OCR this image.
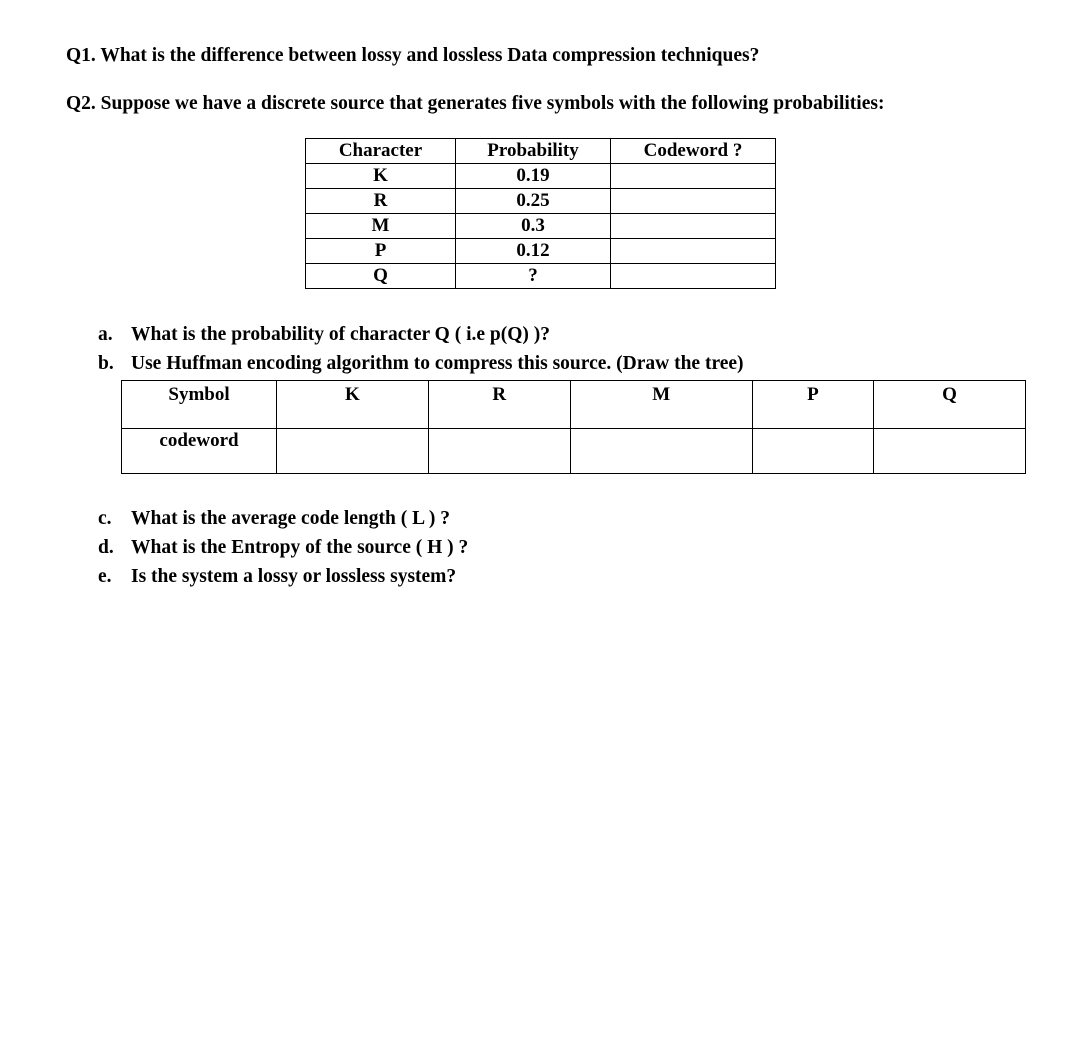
Q1. What is the difference between lossy and lossless Data compression techniques?

Q2. Suppose we have a discrete source that generates five symbols with the following probabilities:

Character	Probability	Codeword ?
K	0.19	
R	0.25	
M	0.3	
P	0.12	
Q	?	

a. What is the probability of character Q ( i.e p(Q) )?

b. Use Huffman encoding algorithm to compress this source. (Draw the tree)

Symbol	K	R	M	P	Q
codeword					

c. What is the average code length ( L ) ?

d. What is the Entropy of the source ( H ) ?

e. Is the system a lossy or lossless system?
